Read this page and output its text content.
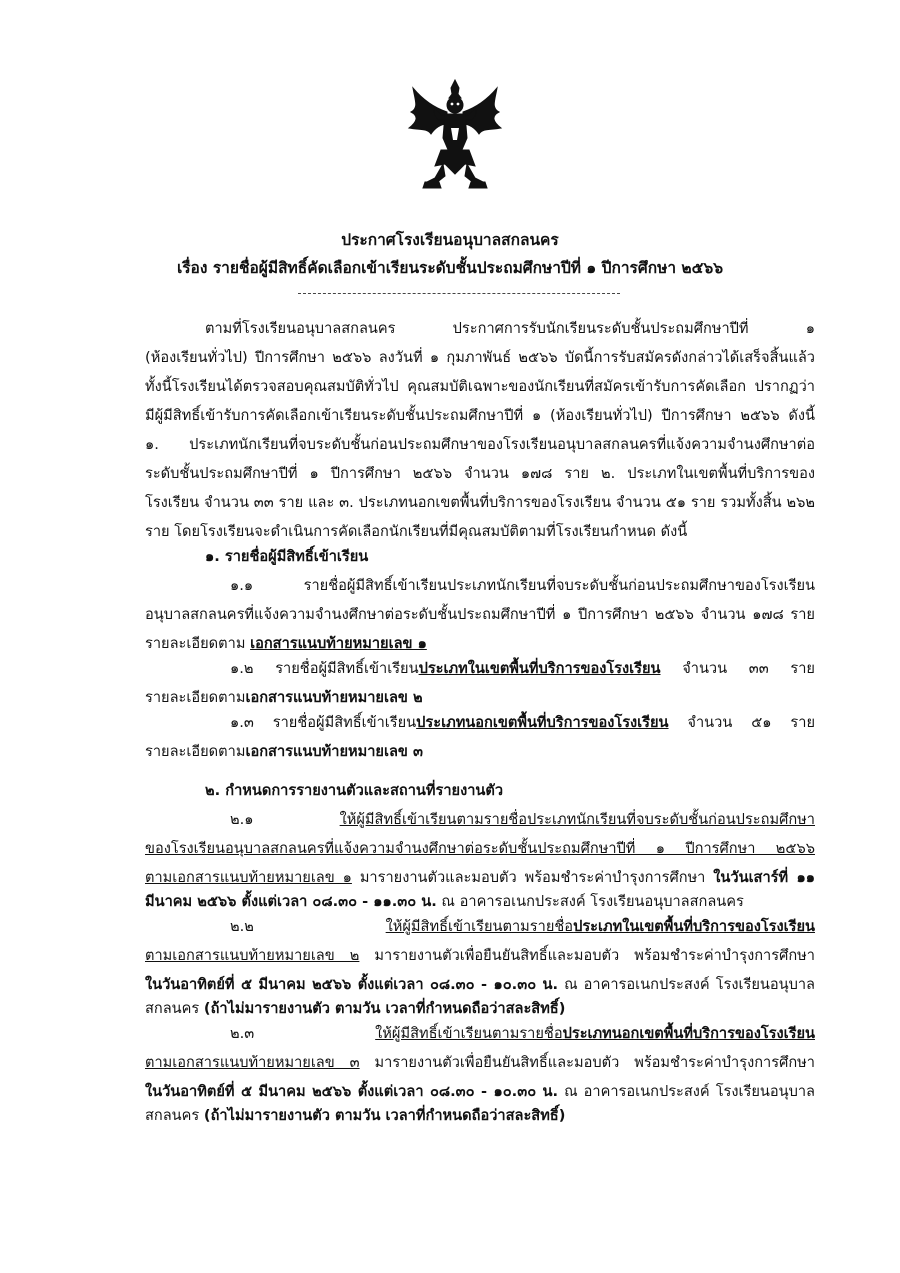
ประกาศโรงเรียนอนุบาลสกลนคร
เรื่อง รายชื่อผู้มีสิทธิ์คัดเลือกเข้าเรียนระดับชั้นประถมศึกษาปีที่ ๑ ปีการศึกษา ๒๕๖๖
ตามที่โรงเรียนอนุบาลสกลนคร ประกาศการรับนักเรียนระดับชั้นประถมศึกษาปีที่ ๑
(ห้องเรียนทั่วไป) ปีการศึกษา ๒๕๖๖ ลงวันที่ ๑ กุมภาพันธ์ ๒๕๖๖ บัดนี้การรับสมัครดังกล่าวได้เสร็จสิ้นแล้ว
ทั้งนี้โรงเรียนได้ตรวจสอบคุณสมบัติทั่วไป คุณสมบัติเฉพาะของนักเรียนที่สมัครเข้ารับการคัดเลือก ปรากฏว่า
มีผู้มีสิทธิ์เข้ารับการคัดเลือกเข้าเรียนระดับชั้นประถมศึกษาปีที่ ๑ (ห้องเรียนทั่วไป) ปีการศึกษา ๒๕๖๖ ดังนี้
๑. ประเภทนักเรียนที่จบระดับชั้นก่อนประถมศึกษาของโรงเรียนอนุบาลสกลนครที่แจ้งความจำนงศึกษาต่อ
ระดับชั้นประถมศึกษาปีที่ ๑ ปีการศึกษา ๒๕๖๖ จำนวน ๑๗๘ ราย ๒. ประเภทในเขตพื้นที่บริการของ
โรงเรียน จำนวน ๓๓ ราย และ ๓. ประเภทนอกเขตพื้นที่บริการของโรงเรียน จำนวน ๕๑ ราย รวมทั้งสิ้น ๒๖๒
ราย โดยโรงเรียนจะดำเนินการคัดเลือกนักเรียนที่มีคุณสมบัติตามที่โรงเรียนกำหนด ดังนี้
๑. รายชื่อผู้มีสิทธิ์เข้าเรียน
๑.๑ รายชื่อผู้มีสิทธิ์เข้าเรียนประเภทนักเรียนที่จบระดับชั้นก่อนประถมศึกษาของโรงเรียน
อนุบาลสกลนครที่แจ้งความจำนงศึกษาต่อระดับชั้นประถมศึกษาปีที่ ๑ ปีการศึกษา ๒๕๖๖ จำนวน ๑๗๘ ราย
รายละเอียดตาม เอกสารแนบท้ายหมายเลข ๑
๑.๒ รายชื่อผู้มีสิทธิ์เข้าเรียนประเภทในเขตพื้นที่บริการของโรงเรียน จำนวน ๓๓ ราย
รายละเอียดตามเอกสารแนบท้ายหมายเลข ๒
๑.๓ รายชื่อผู้มีสิทธิ์เข้าเรียนประเภทนอกเขตพื้นที่บริการของโรงเรียน จำนวน ๕๑ ราย
รายละเอียดตามเอกสารแนบท้ายหมายเลข ๓
๒. กำหนดการรายงานตัวและสถานที่รายงานตัว
๒.๑ ให้ผู้มีสิทธิ์เข้าเรียนตามรายชื่อประเภทนักเรียนที่จบระดับชั้นก่อนประถมศึกษา
ของโรงเรียนอนุบาลสกลนครที่แจ้งความจำนงศึกษาต่อระดับชั้นประถมศึกษาปีที่ ๑ ปีการศึกษา ๒๕๖๖
ตามเอกสารแนบท้ายหมายเลข ๑ มารายงานตัวและมอบตัว พร้อมชำระค่าบำรุงการศึกษา ในวันเสาร์ที่ ๑๑
มีนาคม ๒๕๖๖ ตั้งแต่เวลา ๐๘.๓๐ - ๑๑.๓๐ น. ณ อาคารอเนกประสงค์ โรงเรียนอนุบาลสกลนคร
๒.๒ ให้ผู้มีสิทธิ์เข้าเรียนตามรายชื่อประเภทในเขตพื้นที่บริการของโรงเรียน
ตามเอกสารแนบท้ายหมายเลข ๒ มารายงานตัวเพื่อยืนยันสิทธิ์และมอบตัว พร้อมชำระค่าบำรุงการศึกษา
ในวันอาทิตย์ที่ ๕ มีนาคม ๒๕๖๖ ตั้งแต่เวลา ๐๘.๓๐ - ๑๐.๓๐ น. ณ อาคารอเนกประสงค์ โรงเรียนอนุบาล
สกลนคร (ถ้าไม่มารายงานตัว ตามวัน เวลาที่กำหนดถือว่าสละสิทธิ์)
๒.๓ ให้ผู้มีสิทธิ์เข้าเรียนตามรายชื่อประเภทนอกเขตพื้นที่บริการของโรงเรียน
ตามเอกสารแนบท้ายหมายเลข ๓ มารายงานตัวเพื่อยืนยันสิทธิ์และมอบตัว พร้อมชำระค่าบำรุงการศึกษา
ในวันอาทิตย์ที่ ๕ มีนาคม ๒๕๖๖ ตั้งแต่เวลา ๐๘.๓๐ - ๑๐.๓๐ น. ณ อาคารอเนกประสงค์ โรงเรียนอนุบาล
สกลนคร (ถ้าไม่มารายงานตัว ตามวัน เวลาที่กำหนดถือว่าสละสิทธิ์)
